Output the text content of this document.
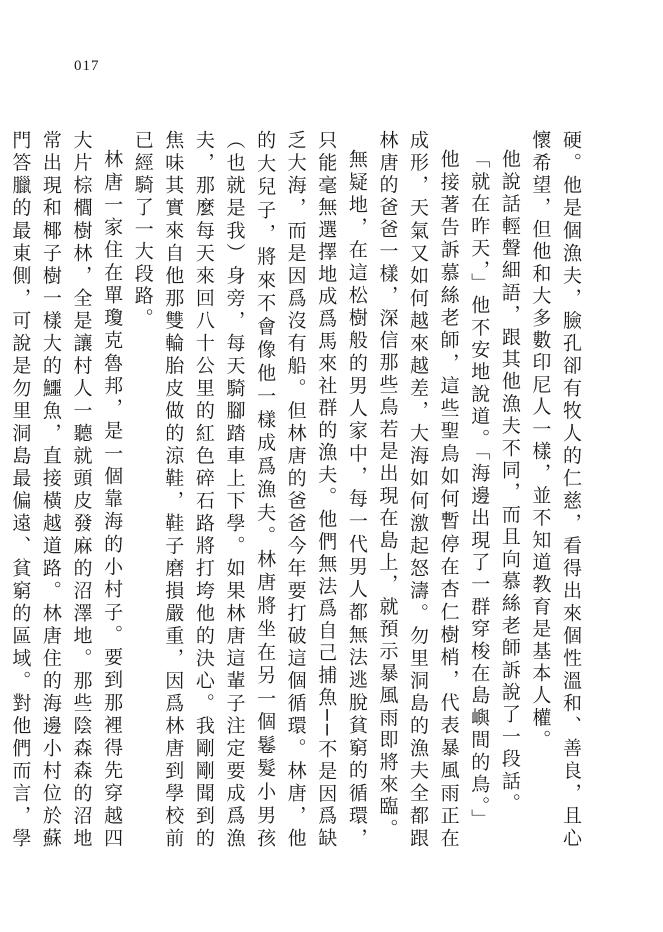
017

硬。他是個漁夫，臉孔卻有牧人的仁慈，看得出來個性溫和、善良，且心懷希望，但他和大多數印尼人一樣，並不知道教育是基本人權。

他說話輕聲細語，跟其他漁夫不同，而且向慕絲老師訴說了一段話。

「就在昨天，」他不安地說道。「海邊出現了一群穿梭在島嶼間的鳥。」

他接著告訴慕絲老師，這些聖鳥如何暫停在杏仁樹梢，代表暴風雨正在成形，天氣又如何越來越差，大海如何激起怒濤。勿里洞島的漁夫全都跟林唐的爸爸一樣，深信那些鳥若是出現在島上，就預示暴風雨即將來臨。

無疑地，在這松樹般的男人家中，每一代男人都無法逃脫貧窮的循環，只能毫無選擇地成爲馬來社群的漁夫。他們無法爲自己捕魚──不是因爲缺乏大海，而是因爲沒有船。但林唐的爸爸今年要打破這個循環。林唐，他的大兒子，將來不會像他一樣成爲漁夫。林唐將坐在另一個鬈髮小男孩（也就是我）身旁，每天騎腳踏車上下學。如果林唐這輩子注定要成爲漁夫，那麼每天來回八十公里的紅色碎石路將打垮他的決心。我剛剛聞到的焦味其實來自他那雙輪胎皮做的涼鞋，鞋子磨損嚴重，因爲林唐到學校前已經騎了一大段路。

林唐一家住在單瓊克魯邦，是一個靠海的小村子。要到那裡得先穿越四大片棕櫚樹林，全是讓村人一聽就頭皮發麻的沼澤地。那些陰森森的沼地常出現和椰子樹一樣大的鱷魚，直接橫越道路。林唐住的海邊小村位於蘇門答臘的最東側，可說是勿里洞島最偏遠、貧窮的區域。對他們而言，學
